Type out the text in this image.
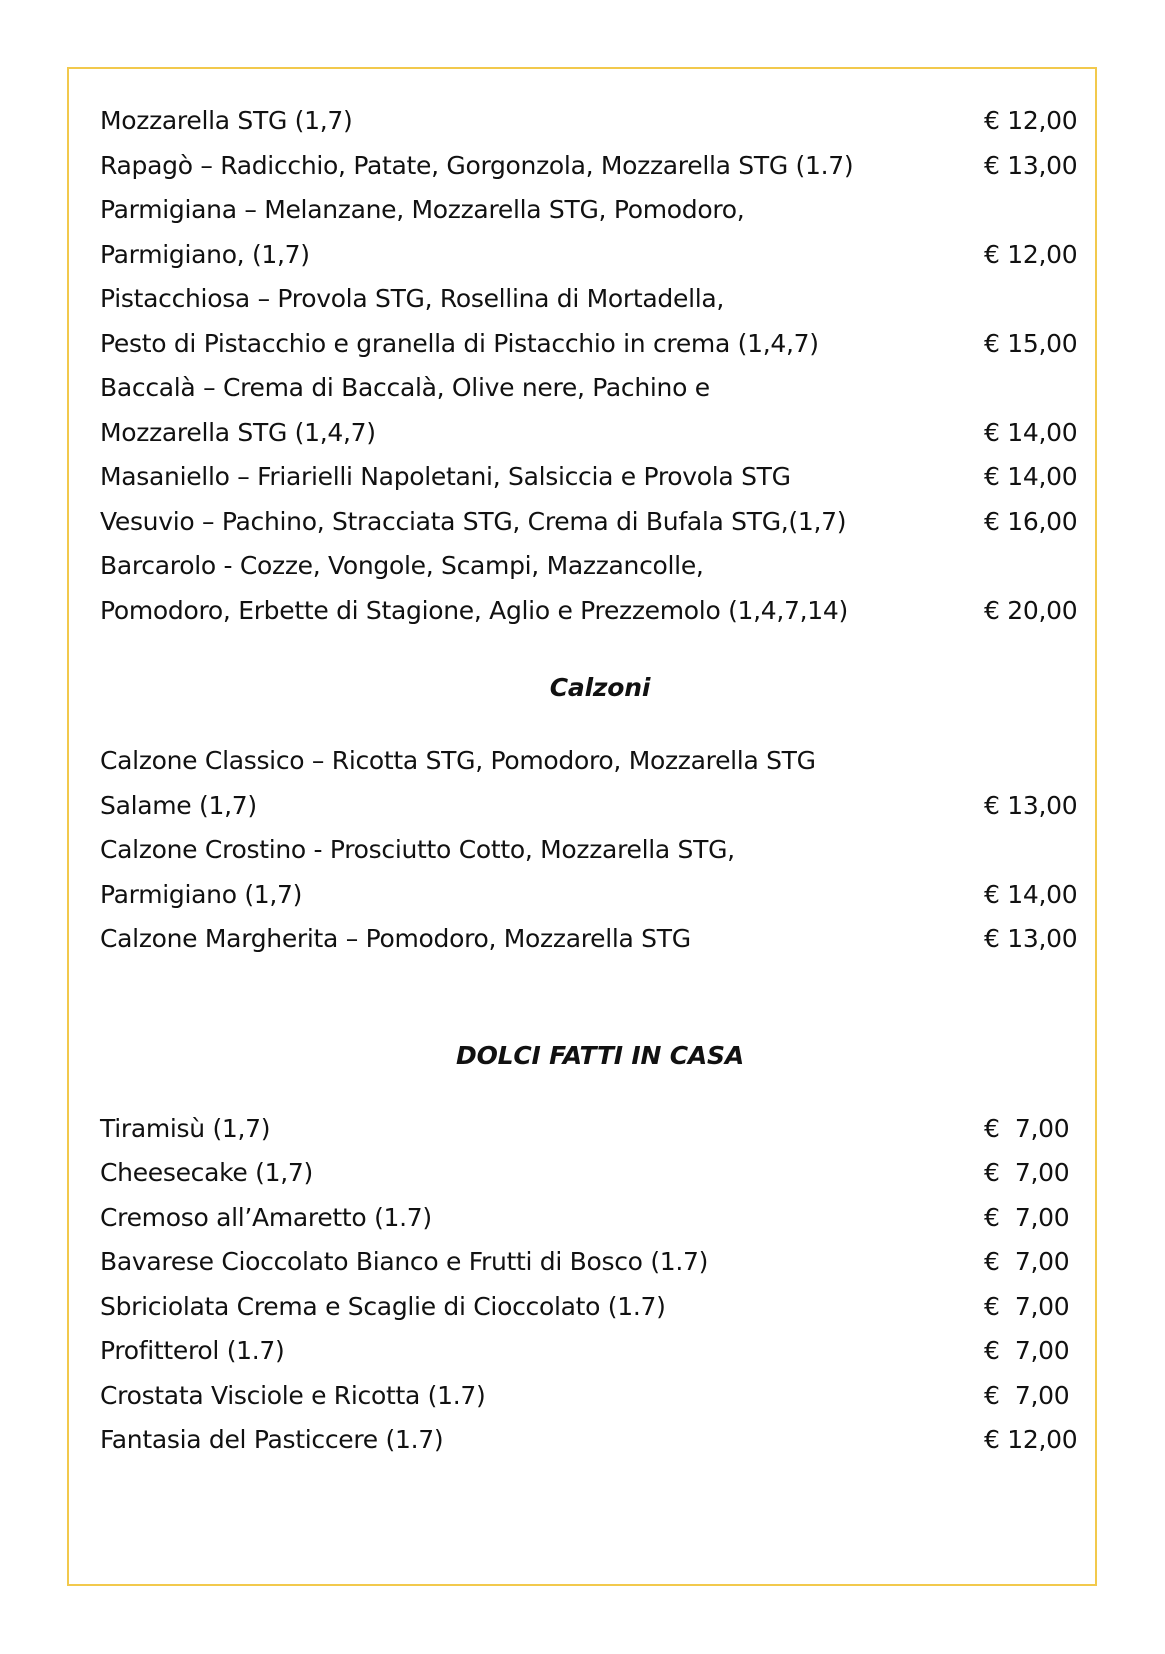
Mozzarella STG (1,7)	€ 12,00
Rapagò – Radicchio, Patate, Gorgonzola, Mozzarella STG (1.7)	€ 13,00
Parmigiana – Melanzane, Mozzarella STG, Pomodoro,
Parmigiano, (1,7)	€ 12,00
Pistacchiosa – Provola STG, Rosellina di Mortadella,
Pesto di Pistacchio e granella di Pistacchio in crema (1,4,7)	€ 15,00
Baccalà – Crema di Baccalà, Olive nere, Pachino e
Mozzarella STG (1,4,7)	€ 14,00
Masaniello – Friarielli Napoletani, Salsiccia e Provola STG	€ 14,00
Vesuvio – Pachino, Stracciata STG, Crema di Bufala STG,(1,7)	€ 16,00
Barcarolo - Cozze, Vongole, Scampi, Mazzancolle,
Pomodoro, Erbette di Stagione, Aglio e Prezzemolo (1,4,7,14)	€ 20,00
Calzoni
Calzone Classico – Ricotta STG, Pomodoro, Mozzarella STG
Salame (1,7)	€ 13,00
Calzone Crostino - Prosciutto Cotto, Mozzarella STG,
Parmigiano (1,7)	€ 14,00
Calzone Margherita – Pomodoro, Mozzarella STG	€ 13,00
DOLCI FATTI IN CASA
Tiramisù (1,7)	€  7,00
Cheesecake (1,7)	€  7,00
Cremoso all’Amaretto (1.7)	€  7,00
Bavarese Cioccolato Bianco e Frutti di Bosco (1.7)	€  7,00
Sbriciolata Crema e Scaglie di Cioccolato (1.7)	€  7,00
Profitterol (1.7)	€  7,00
Crostata Visciole e Ricotta (1.7)	€  7,00
Fantasia del Pasticcere (1.7)	€ 12,00
